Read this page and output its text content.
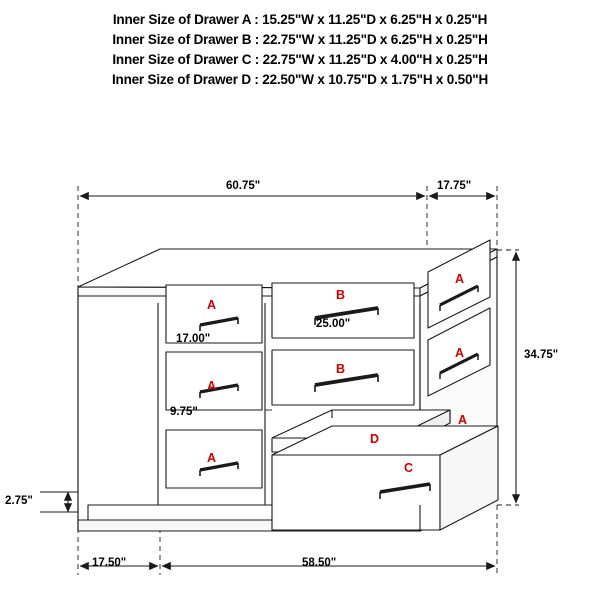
Inner Size of Drawer A : 15.25"W x 11.25"D x 6.25"H x 0.25"H
Inner Size of Drawer B : 22.75"W x 11.25"D x 6.25"H x 0.25"H
Inner Size of Drawer C : 22.75"W x 11.25"D x 4.00"H x 0.25"H
Inner Size of Drawer D : 22.50"W x 10.75"D x 1.75"H x 0.50"H
60.75"	17.75"
34.75"
2.75"
17.50"	58.50"
17.00"
25.00"
9.75"
A
B
A
A
A
B
A
A
D
C
